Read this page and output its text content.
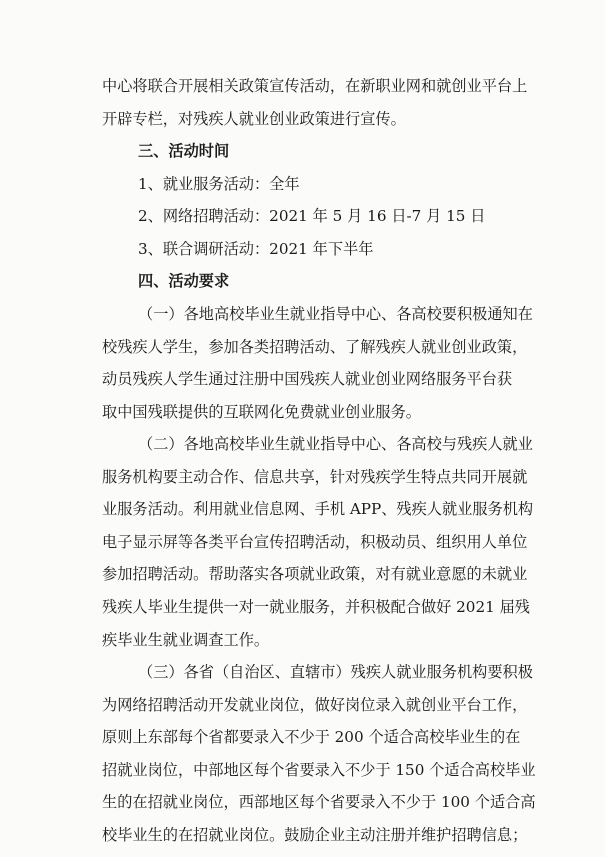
中心将联合开展相关政策宣传活动，在新职业网和就创业平台上
开辟专栏，对残疾人就业创业政策进行宣传。
三、活动时间
1、就业服务活动：全年
2、网络招聘活动：2021 年 5 月 16 日-7 月 15 日
3、联合调研活动：2021 年下半年
四、活动要求
（一）各地高校毕业生就业指导中心、各高校要积极通知在
校残疾人学生，参加各类招聘活动、了解残疾人就业创业政策，
动员残疾人学生通过注册中国残疾人就业创业网络服务平台获
取中国残联提供的互联网化免费就业创业服务。
（二）各地高校毕业生就业指导中心、各高校与残疾人就业
服务机构要主动合作、信息共享，针对残疾学生特点共同开展就
业服务活动。利用就业信息网、手机 APP、残疾人就业服务机构
电子显示屏等各类平台宣传招聘活动，积极动员、组织用人单位
参加招聘活动。帮助落实各项就业政策，对有就业意愿的未就业
残疾人毕业生提供一对一就业服务，并积极配合做好 2021 届残
疾毕业生就业调查工作。
（三）各省（自治区、直辖市）残疾人就业服务机构要积极
为网络招聘活动开发就业岗位，做好岗位录入就创业平台工作，
原则上东部每个省都要录入不少于 200 个适合高校毕业生的在
招就业岗位，中部地区每个省要录入不少于 150 个适合高校毕业
生的在招就业岗位，西部地区每个省要录入不少于 100 个适合高
校毕业生的在招就业岗位。鼓励企业主动注册并维护招聘信息；
